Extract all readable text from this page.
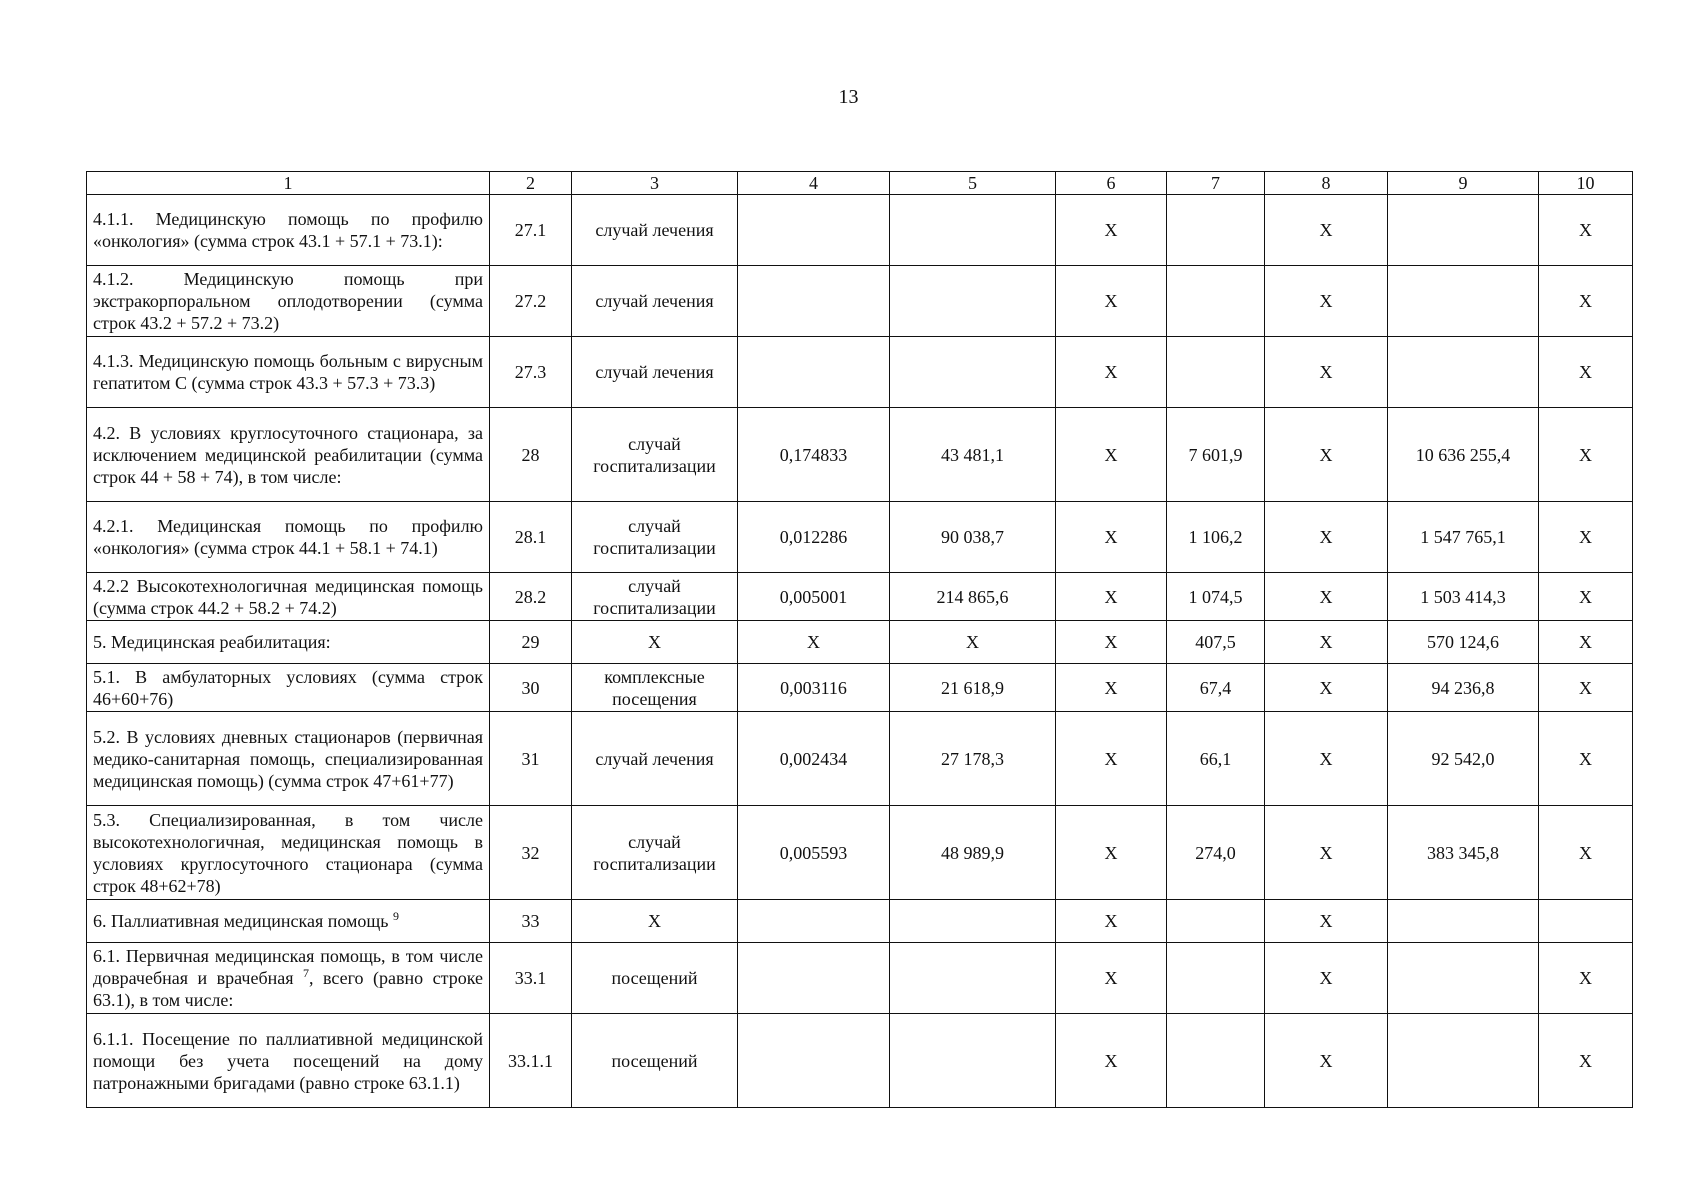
13
1	2	3	4	5	6	7	8	9	10
4.1.1. Медицинскую помощь по профилю «онкология» (сумма строк 43.1 + 57.1 + 73.1):	27.1	случай лечения			X		X		X
4.1.2. Медицинскую помощь при экстракорпоральном оплодотворении (сумма строк 43.2 + 57.2 + 73.2)	27.2	случай лечения			X		X		X
4.1.3. Медицинскую помощь больным с вирусным гепатитом С (сумма строк 43.3 + 57.3 + 73.3)	27.3	случай лечения			X		X		X
4.2. В условиях круглосуточного стационара, за исключением медицинской реабилитации (сумма строк 44 + 58 + 74), в том числе:	28	случай госпитализации	0,174833	43 481,1	X	7 601,9	X	10 636 255,4	X
4.2.1. Медицинская помощь по профилю «онкология» (сумма строк 44.1 + 58.1 + 74.1)	28.1	случай госпитализации	0,012286	90 038,7	X	1 106,2	X	1 547 765,1	X
4.2.2 Высокотехнологичная медицинская помощь (сумма строк 44.2 + 58.2 + 74.2)	28.2	случай госпитализации	0,005001	214 865,6	X	1 074,5	X	1 503 414,3	X
5. Медицинская реабилитация:	29	X	X	X	X	407,5	X	570 124,6	X
5.1. В амбулаторных условиях (сумма строк 46+60+76)	30	комплексные посещения	0,003116	21 618,9	X	67,4	X	94 236,8	X
5.2. В условиях дневных стационаров (первичная медико-санитарная помощь, специализированная медицинская помощь) (сумма строк 47+61+77)	31	случай лечения	0,002434	27 178,3	X	66,1	X	92 542,0	X
5.3. Специализированная, в том числе высокотехнологичная, медицинская помощь в условиях круглосуточного стационара (сумма строк 48+62+78)	32	случай госпитализации	0,005593	48 989,9	X	274,0	X	383 345,8	X
6. Паллиативная медицинская помощь $^9$	33	X			X		X		
6.1. Первичная медицинская помощь, в том числе доврачебная и врачебная $^7$, всего (равно строке 63.1), в том числе:	33.1	посещений			X		X		X
6.1.1. Посещение по паллиативной медицинской помощи без учета посещений на дому патронажными бригадами (равно строке 63.1.1)	33.1.1	посещений			X		X		X
